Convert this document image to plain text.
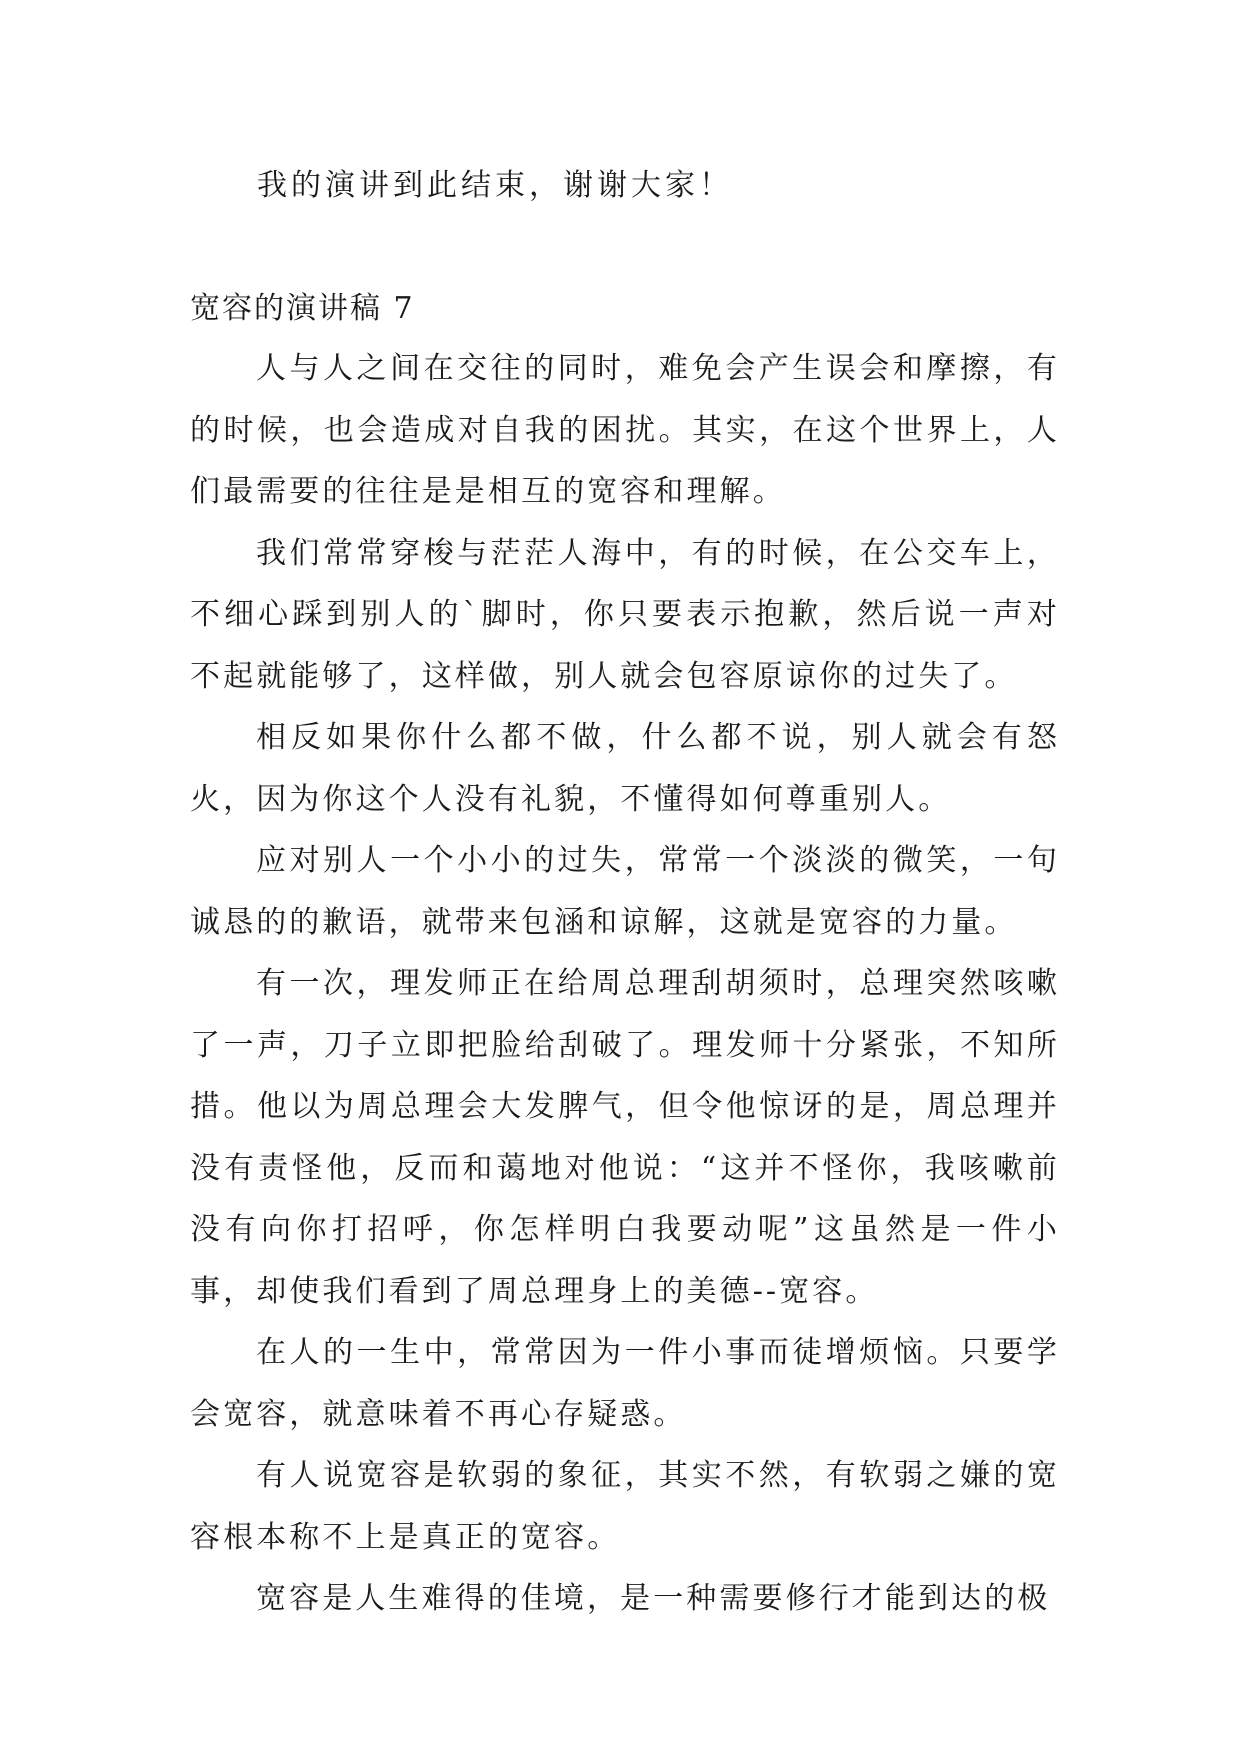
我的演讲到此结束，谢谢大家！

宽容的演讲稿 7

人与人之间在交往的同时，难免会产生误会和摩擦，有的时候，也会造成对自我的困扰。其实，在这个世界上，人们最需要的往往是是相互的宽容和理解。

我们常常穿梭与茫茫人海中，有的时候，在公交车上，不细心踩到别人的`脚时，你只要表示抱歉，然后说一声对不起就能够了，这样做，别人就会包容原谅你的过失了。

相反如果你什么都不做，什么都不说，别人就会有怒火，因为你这个人没有礼貌，不懂得如何尊重别人。

应对别人一个小小的过失，常常一个淡淡的微笑，一句诚恳的的歉语，就带来包涵和谅解，这就是宽容的力量。

有一次，理发师正在给周总理刮胡须时，总理突然咳嗽了一声，刀子立即把脸给刮破了。理发师十分紧张，不知所措。他以为周总理会大发脾气，但令他惊讶的是，周总理并没有责怪他，反而和蔼地对他说：“这并不怪你，我咳嗽前没有向你打招呼，你怎样明白我要动呢”这虽然是一件小事，却使我们看到了周总理身上的美德--宽容。

在人的一生中，常常因为一件小事而徒增烦恼。只要学会宽容，就意味着不再心存疑惑。

有人说宽容是软弱的象征，其实不然，有软弱之嫌的宽容根本称不上是真正的宽容。

宽容是人生难得的佳境，是一种需要修行才能到达的极
